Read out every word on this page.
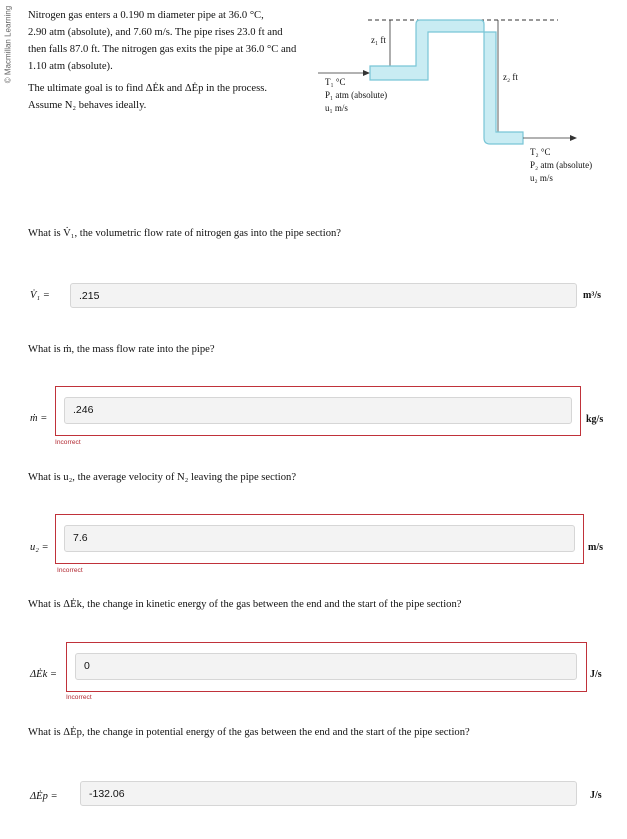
© Macmillan Learning Nitrogen gas enters a 0.190 m diameter pipe at 36.0 °C,
2.90 atm (absolute), and 7.60 m/s. The pipe rises 23.0 ft and
then falls 87.0 ft. The nitrogen gas exits the pipe at 36.0 °C and
1.10 atm (absolute).
The ultimate goal is to find ΔĖk and ΔĖp in the process.
Assume N₂ behaves ideally.
z₁ ft
z₂ ft
T₁ °C
P₁ atm (absolute)
u₁ m/s
T₂ °C
P₂ atm (absolute)
u₂ m/s
What is V̇₁, the volumetric flow rate of nitrogen gas into the pipe section?
V̇₁ =	.215	m³/s
What is ṁ, the mass flow rate into the pipe?
ṁ =
.246
kg/s
Incorrect
What is u₂, the average velocity of N₂ leaving the pipe section?
u₂ =
7.6
m/s
Incorrect
What is ΔĖk, the change in kinetic energy of the gas between the end and the start of the pipe section?
ΔĖk =
0
J/s
Incorrect
What is ΔĖp, the change in potential energy of the gas between the end and the start of the pipe section?
ΔĖp =	-132.06	J/s
